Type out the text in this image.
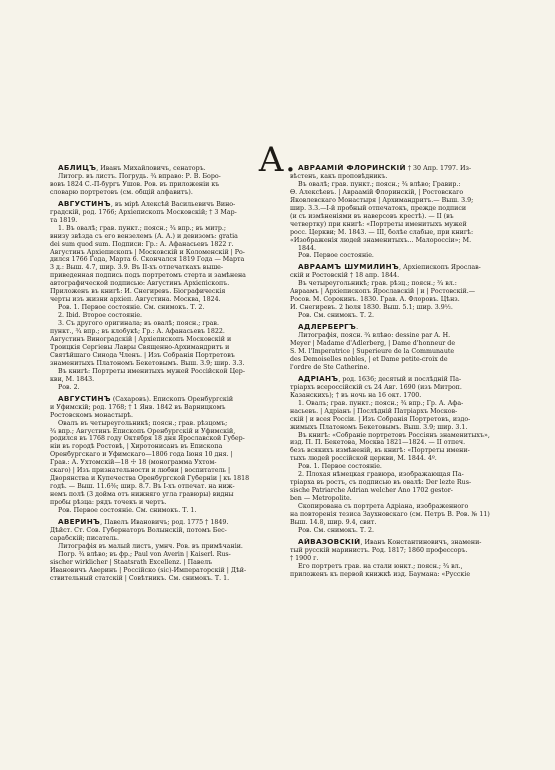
А.
АБЛИЦЪ, Иванъ Михайловичъ, сенаторъ.
Литогр. въ листъ. Погрудь. ¾ вправо: Р. В. Боро-
вовъ 1824 С.-П-бургъ Ушов. Ров. въ приложеніи къ
словарю портретовъ (см. общій алфавитъ).
АВГУСТИНЪ, въ мірѣ Алексѣй Васильевичъ Вино-
градскій, род. 1766; Архіепископъ Московскій; † 3 Мар-
та 1819.
1. Въ овалѣ; грав. пункт.; поясн.; ¾ впр.; въ митр.;
внизу звѣзда съ его вензелемъ (А. А.) и девизомъ: gratia
dei sum quod sum. Подписи: Гр.: А. Афанасьевъ 1822 г.
Августинъ Архіепископъ | Московскій и Коломенскій | Ро-
дился 1766 Года, Марта 6. Скончался 1819 Года — Марта
3 д.: Выш. 4.7, шир. 3.9. Въ II-хъ отпечаткахъ выше-
приведенная подпись подъ портретомъ стерта и замѣнена
автографической подписью: Августинъ Архієпіскопъ.
Приложенъ въ книгѣ: И. Снегиревъ. Біографическія
черты изъ жизни архіеп. Августина. Москва, 1824.
Ров. 1. Первое состояніе. См. снимокъ. Т. 2.
2. Ibid. Второе состояніе.
3. Съ другого оригинала; въ овалѣ; поясн.; грав.
пункт., ¾ впр.; въ клобукѣ; Гр.: А. Афанасьевъ 1822.
Августинъ Виноградскій | Архіепископъ Московскій и
Троицкія Сергіевы Лавры Священно-Архимандритъ и
Святѣйшаго Синода Членъ. | Изъ Собранія Портретовъ
знаменитыхъ Платономъ Бекетовымъ. Выш. 3.9; шир. 3.3.
Въ книгѣ: Портреты именитыхъ мужей Россійской Цер-
кви, М. 1843.
Ров. 2.
АВГУСТИНЪ (Сахаровъ). Епископъ Оренбургскій
и Уфимскій; род. 1768; † 1 Янв. 1842 въ Варницкомъ
Ростовскомъ монастырѣ.
Овалъ въ четыреугольникѣ; поясн.; грав. рѣзцомъ;
¾ впр.; Августинъ Епископъ Оренбургскій и Уфимскій,
родился въ 1768 году Октября 18 дня Ярославской Губер-
ніи въ городѣ Ростовѣ, | Хиротонисанъ въ Епископа
Оренбургскаго и Уфимскаго—1806 года Іюня 10 дня. |
Грав.: А. Ухтомскій—18 ☩ 18 (монограмма Ухтом-
скаго) | Изъ признательности и любви | воспитатель |
Дворянства и Купечества Оренбургской Губерніи | къ 1818
годѣ. — Выш. 11.6⅜; шир. 8.7. Въ I-хъ отпечат. на ниж-
немъ полѣ (3 дойма отъ нижняго угла гравюры) видны
пробы рѣзца: рядъ точекъ и чертъ.
Ров. Первое состояніе. См. снимокъ. Т. 1.
АВЕРИНЪ, Павелъ Ивановичъ; род. 1775 † 1849.
Дѣйст. Ст. Сов. Губернаторъ Волынскій, потомъ Бес-
сарабскій; писатель.
Литографія въ малый листъ, умнч. Ров. въ примѣчаніи.
Погр. ¾ влѣво; въ фр.; Paul von Averin | Kaiserl. Rus-
sischer wirklicher | Staatsrath Excellenz. | Павелъ
Ивановичъ Аверинъ | Россійско (sic)-Императорскій | Дѣй-
ствительный статскій | Совѣтникъ. См. снимокъ. Т. 1.
АВРААМІЙ ФЛОРИНСКІЙ † 30 Апр. 1797. Из-
вѣстенъ, какъ проповѣдникъ.
Въ овалѣ; грав. пункт.; поясн.; ¾ влѣво; Гравир.:
Ѳ. Алексѣевъ. | Авраамій Флоринскій, | Ростовскаго
Яковлевскаго Монастыря | Архимандритъ.— Выш. 3.9;
шир. 3.3.—I-й пробный отпечатокъ, прежде подписи
(и съ измѣненіями въ наверсовъ крестѣ). — II (въ
четвертку) при книгѣ: «Портреты именитыхъ мужей
росс. Церкви; М. 1843. — III, болѣе слабые, при книгѣ:
«Изображенія людей знаменитыхъ... Малороссіи»; М.
1844.
Ров. Первое состояніе.
АВРААМЪ ШУМИЛИНЪ, Архіепископъ Ярослав-
скій и Ростовскій † 18 апр. 1844.
Въ четыреугольникѣ; грав. рѣзц.; поясн.; ¾ вл.:
Авраамъ | Архіепископъ Ярославскій | и | Ростовскій.—
Росов. М. Сорокинъ. 1830. Грав. А. Флоровъ. Цѣнз.
И. Снегиревъ. 2 Іюля 1830. Выш. 5.1; шир. 3.9½.
Ров. См. снимокъ. Т. 2.
АДЛЕРБЕРГЪ.
Литографія, поясн. ¾ влѣво: dessine par A. H.
Meyer | Madame d'Adlerberg, | Dame d'honneur de
S. M. l'Imperatrice | Superieure de la Communaute
des Demoiselles nobles, | et Dame petite-croix de
l'ordre de Ste Catherine.
АДРІАНЪ, род. 1636; десятый и послѣдній Па-
тріархъ всероссійскій съ 24 Авг. 1690 (изъ Митроп.
Казанскихъ); † въ ночь на 16 окт. 1700.
1. Овалъ; грав. пункт.; поясн.; ¾ впр.; Гр. А. Афа-
насьевъ. | Адріанъ | Послѣдній Патріархъ Москов-
скій | и всея Россіи. | Изъ Собранія Портретовъ, издо-
жимыхъ Платономъ Бекетовымъ. Выш. 3.9; шир. 3.1.
Въ книгѣ: «Собраніе портретовъ Россіянъ знаменитыхъ»,
изд. П. П. Бекетова, Москва 1821—1824. — II отпеч.
безъ всякихъ измѣненій, въ книгѣ: «Портреты имени-
тыхъ людей россійской церкви, М. 1844. 4º.
Ров. 1. Первое состояніе.
2. Плохая нѣмецкая гравюра, изображающая Па-
тріарха въ ростъ, съ подписью въ овалѣ: Der lezte Rus-
sische Patriarche Adrian welcher Ano 1702 gestor-
ben — Metropolite.
Скопирована съ портрета Адріана, изображенного
на повторенія тезиса Заухновскаго (см. Петръ В. Ров. № 11)
Выш. 14.8, шир. 9.4, свит.
Ров. См. снимокъ. Т. 2.
АЙВАЗОВСКІЙ, Иванъ Константиновичъ, знамени-
тый русскій маринистъ. Род. 1817; 1860 профессоръ.
† 1900 г.
Его портретъ грав. на стали юнкт.; поясн.; ¾ вл.,
приложенъ къ первой книжкѣ изд. Баумана: «Русскіе
